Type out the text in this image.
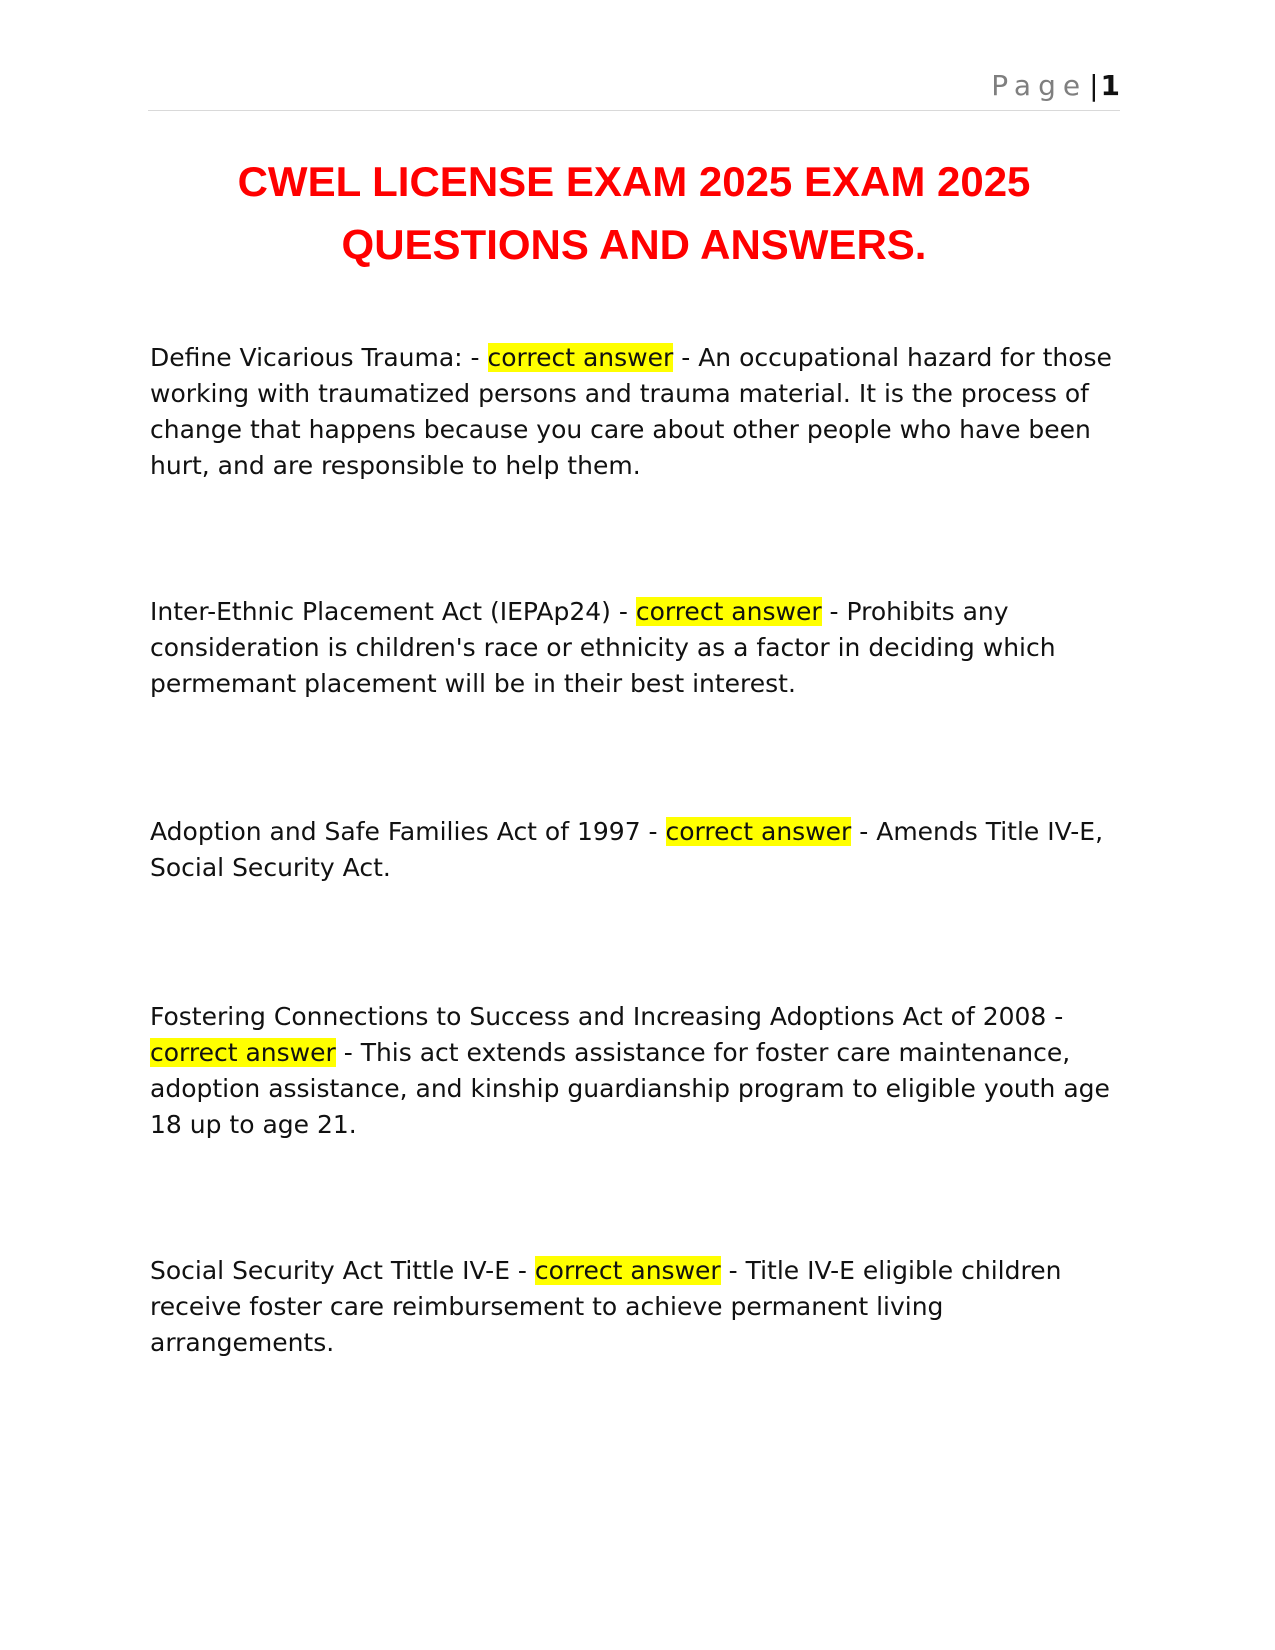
Page|1
CWEL LICENSE EXAM 2025 EXAM 2025 QUESTIONS AND ANSWERS.

Define Vicarious Trauma: - correct answer - An occupational hazard for those working with traumatized persons and trauma material. It is the process of change that happens because you care about other people who have been hurt, and are responsible to help them.

Inter-Ethnic Placement Act (IEPAp24) - correct answer - Prohibits any consideration is children's race or ethnicity as a factor in deciding which permemant placement will be in their best interest.

Adoption and Safe Families Act of 1997 - correct answer - Amends Title IV-E, Social Security Act.

Fostering Connections to Success and Increasing Adoptions Act of 2008 - correct answer - This act extends assistance for foster care maintenance, adoption assistance, and kinship guardianship program to eligible youth age 18 up to age 21.

Social Security Act Tittle IV-E - correct answer - Title IV-E eligible children receive foster care reimbursement to achieve permanent living arrangements.
